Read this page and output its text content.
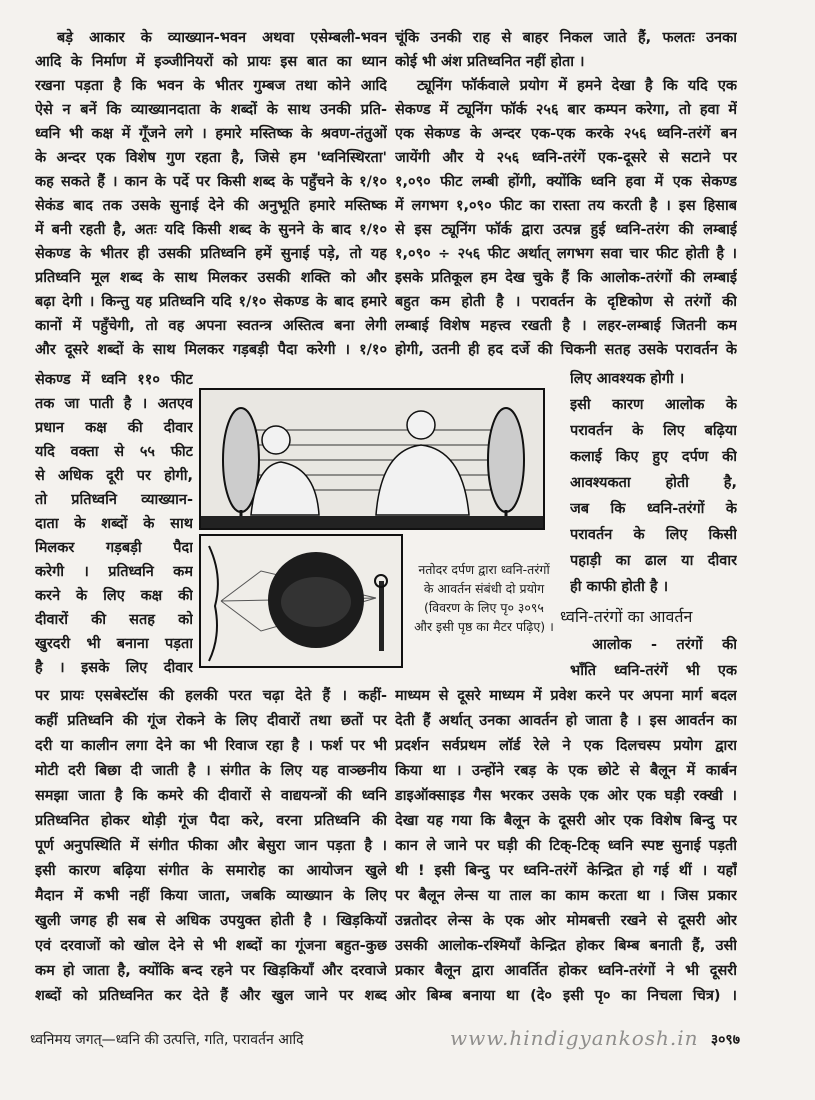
बड़े आकार के व्याख्यान-भवन अथवा एसेम्बली-भवन
आदि के निर्माण में इञ्जीनियरों को प्रायः इस बात का ध्यान
रखना पड़ता है कि भवन के भीतर गुम्बज तथा कोने आदि
ऐसे न बनें कि व्याख्यानदाता के शब्दों के साथ उनकी प्रति-
ध्वनि भी कक्ष में गूँजने लगे । हमारे मस्तिष्क के श्रवण-तंतुओं
के अन्दर एक विशेष गुण रहता है, जिसे हम 'ध्वनिस्थिरता'
कह सकते हैं । कान के पर्दे पर किसी शब्द के पहुँचने के १/१०
सेकंड बाद तक उसके सुनाई देने की अनुभूति हमारे मस्तिष्क
में बनी रहती है, अतः यदि किसी शब्द के सुनने के बाद १/१०
सेकण्ड के भीतर ही उसकी प्रतिध्वनि हमें सुनाई पड़े, तो यह
प्रतिध्वनि मूल शब्द के साथ मिलकर उसकी शक्ति को और
बढ़ा देगी । किन्तु यह प्रतिध्वनि यदि १/१० सेकण्ड के बाद हमारे
कानों में पहुँचेगी, तो वह अपना स्वतन्त्र अस्तित्व बना लेगी
और दूसरे शब्दों के साथ मिलकर गड़बड़ी पैदा करेगी । १/१०
सेकण्ड में ध्वनि ११० फीट
तक जा पाती है । अतएव
प्रधान कक्ष की दीवार
यदि वक्ता से ५५ फीट
से अधिक दूरी पर होगी,
तो प्रतिध्वनि व्याख्यान-
दाता के शब्दों के साथ
मिलकर गड़बड़ी पैदा
करेगी । प्रतिध्वनि कम
करने के लिए कक्ष की
दीवारों की सतह को
खुरदरी भी बनाना पड़ता
है । इसके लिए दीवार
पर प्रायः एसबेस्टॉस की हलकी परत चढ़ा देते हैं । कहीं-
कहीं प्रतिध्वनि की गूंज रोकने के लिए दीवारों तथा छतों पर
दरी या कालीन लगा देने का भी रिवाज रहा है । फर्श पर भी
मोटी दरी बिछा दी जाती है । संगीत के लिए यह वाञ्छनीय
समझा जाता है कि कमरे की दीवारों से वाद्ययन्त्रों की ध्वनि
प्रतिध्वनित होकर थोड़ी गूंज पैदा करे, वरना प्रतिध्वनि की
पूर्ण अनुपस्थिति में संगीत फीका और बेसुरा जान पड़ता है ।
इसी कारण बढ़िया संगीत के समारोह का आयोजन खुले
मैदान में कभी नहीं किया जाता, जबकि व्याख्यान के लिए
खुली जगह ही सब से अधिक उपयुक्त होती है । खिड़कियों
एवं दरवाजों को खोल देने से भी शब्दों का गूंजना बहुत-कुछ
कम हो जाता है, क्योंकि बन्द रहने पर खिड़कियाँ और दरवाजे
शब्दों को प्रतिध्वनित कर देते हैं और खुल जाने पर शब्द
चूंकि उनकी राह से बाहर निकल जाते हैं, फलतः उनका
कोई भी अंश प्रतिध्वनित नहीं होता ।
ट्यूनिंग फॉर्कवाले प्रयोग में हमने देखा है कि यदि एक
सेकण्ड में ट्यूनिंग फॉर्क २५६ बार कम्पन करेगा, तो हवा में
एक सेकण्ड के अन्दर एक-एक करके २५६ ध्वनि-तरंगें बन
जायेंगी और ये २५६ ध्वनि-तरंगें एक-दूसरे से सटाने पर
१,०९० फीट लम्बी होंगी, क्योंकि ध्वनि हवा में एक सेकण्ड
में लगभग १,०९० फीट का रास्ता तय करती है । इस हिसाब
से इस ट्यूनिंग फॉर्क द्वारा उत्पन्न हुई ध्वनि-तरंग की लम्बाई
१,०९० ÷ २५६ फीट अर्थात् लगभग सवा चार फीट होती है ।
इसके प्रतिकूल हम देख चुके हैं कि आलोक-तरंगों की लम्बाई
बहुत कम होती है । परावर्तन के दृष्टिकोण से तरंगों की
लम्बाई विशेष महत्त्व रखती है । लहर-लम्बाई जितनी कम
होगी, उतनी ही हद दर्जे की चिकनी सतह उसके परावर्तन के
लिए आवश्यक होगी ।
इसी कारण आलोक के
परावर्तन के लिए बढ़िया
कलाई किए हुए दर्पण की
आवश्यकता होती है,
जब कि ध्वनि-तरंगों के
परावर्तन के लिए किसी
पहाड़ी का ढाल या दीवार
ही काफी होती है ।
ध्वनि-तरंगों का आवर्तन
आलोक - तरंगों की
भाँति ध्वनि-तरंगें भी एक
माध्यम से दूसरे माध्यम में प्रवेश करने पर अपना मार्ग बदल
देती हैं अर्थात् उनका आवर्तन हो जाता है । इस आवर्तन का
प्रदर्शन सर्वप्रथम लॉर्ड रेले ने एक दिलचस्प प्रयोग द्वारा
किया था । उन्होंने रबड़ के एक छोटे से बैलून में कार्बन
डाइऑक्साइड गैस भरकर उसके एक ओर एक घड़ी रक्खी ।
देखा यह गया कि बैलून के दूसरी ओर एक विशेष बिन्दु पर
कान ले जाने पर घड़ी की टिक्-टिक् ध्वनि स्पष्ट सुनाई पड़ती
थी ! इसी बिन्दु पर ध्वनि-तरंगें केन्द्रित हो गई थीं । यहाँ
पर बैलून लेन्स या ताल का काम करता था । जिस प्रकार
उन्नतोदर लेन्स के एक ओर मोमबत्ती रखने से दूसरी ओर
उसकी आलोक-रश्मियाँ केन्द्रित होकर बिम्ब बनाती हैं, उसी
प्रकार बैलून द्वारा आवर्तित होकर ध्वनि-तरंगों ने भी दूसरी
ओर बिम्ब बनाया था (दे० इसी पृ० का निचला चित्र) ।
नतोदर दर्पण द्वारा ध्वनि-तरंगों के आवर्तन संबंधी दो प्रयोग (विवरण के लिए पृ० ३०९५ और इसी पृष्ठ का मैटर पढ़िए) ।
ध्वनिमय जगत्—ध्वनि की उत्पत्ति, गति, परावर्तन आदि	www.hindigyankosh.in ३०९७
